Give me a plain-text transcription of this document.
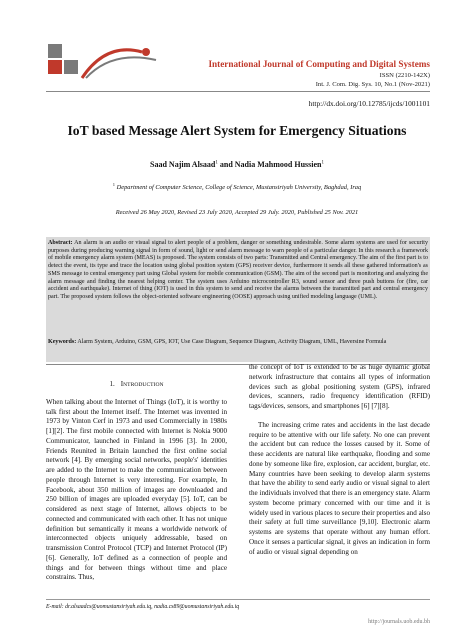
International Journal of Computing and Digital Systems
ISSN (2210-142X)
Int. J. Com. Dig. Sys. 10, No.1 (Nov-2021)
http://dx.doi.org/10.12785/ijcds/1001101
IoT based Message Alert System for Emergency Situations
Saad Najim Alsaad$^1$ and Nadia Mahmood Hussien$^1$
$^1$ Department of Computer Science, College of Science, Mustansiriyah University, Baghdad, Iraq
Received 26 May 2020, Revised 23 July 2020, Accepted 29 July. 2020, Published 25 Nov. 2021
Abstract: An alarm is an audio or visual signal to alert people of a problem, danger or something undesirable. Some alarm systems are used for security purposes during producing warning signal in form of sound, light or send alarm message to warn people of a particular danger. In this research a framework of mobile emergency alarm system (MEAS) is proposed. The system consists of two parts: Transmitted and Central emergency. The aim of the first part is to detect the event, its type and trace the location using global position system (GPS) receiver device, furthermore it sends all these gathered information's as SMS message to central emergency part using Global system for mobile communication (GSM). The aim of the second part is monitoring and analyzing the alarm message and finding the nearest helping center. The system uses Arduino microcontroller R3, sound sensor and three push buttons for (fire, car accident and earthquake). Internet of thing (IOT) is used in this system to send and receive the alarms between the transmitted part and central emergency part. The proposed system follows the object-oriented software engineering (OOSE) approach using unified modeling language (UML).
Keywords: Alarm System, Arduino, GSM, GPS, IOT, Use Case Diagram, Sequence Diagram, Activity Diagram, UML, Haversine Formula
1. INTRODUCTION

When talking about the Internet of Things (IoT), it is worthy to talk first about the Internet itself. The Internet was invented in 1973 by Vinton Cerf in 1973 and used Commercially in 1980s [1][2]. The first mobile connected with Internet is Nokia 9000 Communicator, launched in Finland in 1996 [3]. In 2000, Friends Reunited in Britain launched the first online social network [4]. By emerging social networks, people's' identities are added to the Internet to make the communication between people through Internet is very interesting. For example, In Facebook, about 350 million of images are downloaded and 250 billion of images are uploaded everyday [5]. IoT, can be considered as next stage of Internet, allows objects to be connected and communicated with each other. It has not unique definition but semantically it means a worldwide network of interconnected objects uniquely addressable, based on transmission Control Protocol (TCP) and Internet Protocol (IP) [6]. Generally, IoT defined as a connection of people and things and for between things without time and place constrains. Thus,

the concept of IoT is extended to be as huge dynamic global network infrastructure that contains all types of information devices such as global positioning system (GPS), infrared devices, scanners, radio frequency identification (RFID) tags/devices, sensors, and smartphones [6] [7][8].

The increasing crime rates and accidents in the last decade require to be attentive with our life safety. No one can prevent the accident but can reduce the losses caused by it. Some of these accidents are natural like earthquake, flooding and some done by someone like fire, explosion, car accident, burglar, etc. Many countries have been seeking to develop alarm systems that have the ability to send early audio or visual signal to alert the individuals involved that there is an emergency state. Alarm system become primary concerned with our time and it is widely used in various places to secure their properties and also their safety at full time surveillance [9,10]. Electronic alarm systems are systems that operate without any human effort. Once it senses a particular signal, it gives an indication in form of audio or visual signal depending on

E-mail: dr.alsaadcs@uomustansiriyah.edu.iq, nadia.cs89@uomustansiriyah.edu.iq
http://journals.uob.edu.bh
